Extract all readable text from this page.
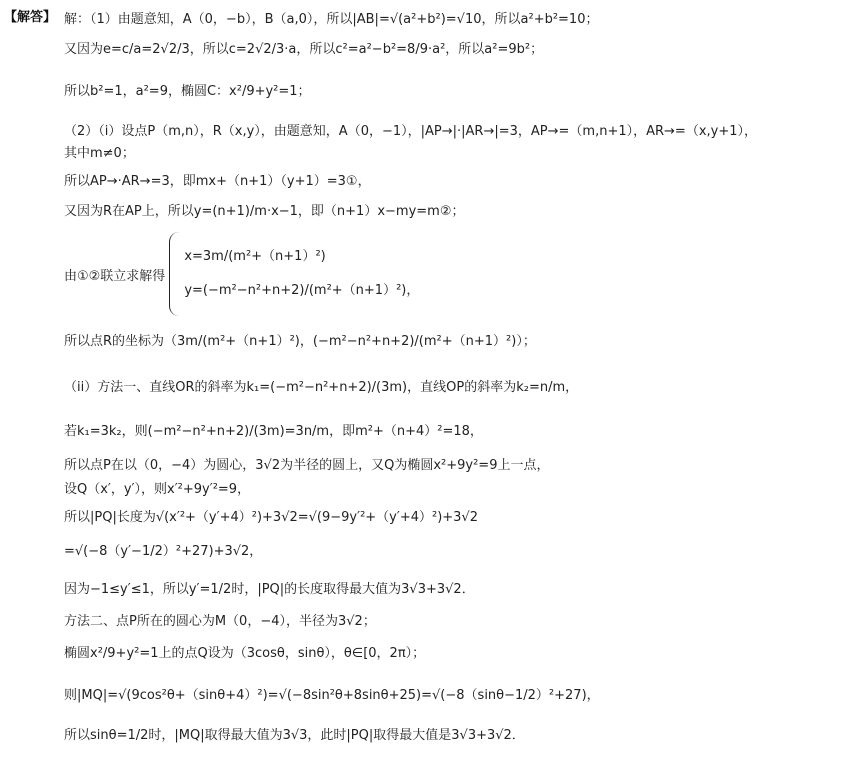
【解答】 解：（1）由题意知，A（0，−b），B（a,0），所以|AB|=√(a²+b²)=√10，所以a²+b²=10；
又因为e=c/a=2√2/3，所以c=2√2/3·a，所以c²=a²−b²=8/9·a²，所以a²=9b²；
所以b²=1，a²=9，椭圆C：x²/9+y²=1；
（2）（i）设点P（m,n），R（x,y），由题意知，A（0，−1），|AP→|·|AR→|=3，AP→=（m,n+1），AR→=（x,y+1），
其中m≠0；
所以AP→·AR→=3，即mx+（n+1）（y+1）=3①，
又因为R在AP上，所以y=(n+1)/m·x−1，即（n+1）x−my=m②；
由①②联立求解得
x=3m/(m²+（n+1）²)
y=(−m²−n²+n+2)/(m²+（n+1）²)，
所以点R的坐标为（3m/(m²+（n+1）²)，(−m²−n²+n+2)/(m²+（n+1）²)）；
（ii）方法一、直线OR的斜率为k₁=(−m²−n²+n+2)/(3m)，直线OP的斜率为k₂=n/m，
若k₁=3k₂，则(−m²−n²+n+2)/(3m)=3n/m，即m²+（n+4）²=18，
所以点P在以（0，−4）为圆心，3√2为半径的圆上，又Q为椭圆x²+9y²=9上一点，
设Q（x′，y′），则x′²+9y′²=9，
所以|PQ|长度为√(x′²+（y′+4）²)+3√2=√(9−9y′²+（y′+4）²)+3√2
=√(−8（y′−1/2）²+27)+3√2，
因为−1≤y′≤1，所以y′=1/2时，|PQ|的长度取得最大值为3√3+3√2．
方法二、点P所在的圆心为M（0，−4），半径为3√2；
椭圆x²/9+y²=1上的点Q设为（3cosθ，sinθ），θ∈[0，2π）；
则|MQ|=√(9cos²θ+（sinθ+4）²)=√(−8sin²θ+8sinθ+25)=√(−8（sinθ−1/2）²+27)，
所以sinθ=1/2时，|MQ|取得最大值为3√3，此时|PQ|取得最大值是3√3+3√2．
